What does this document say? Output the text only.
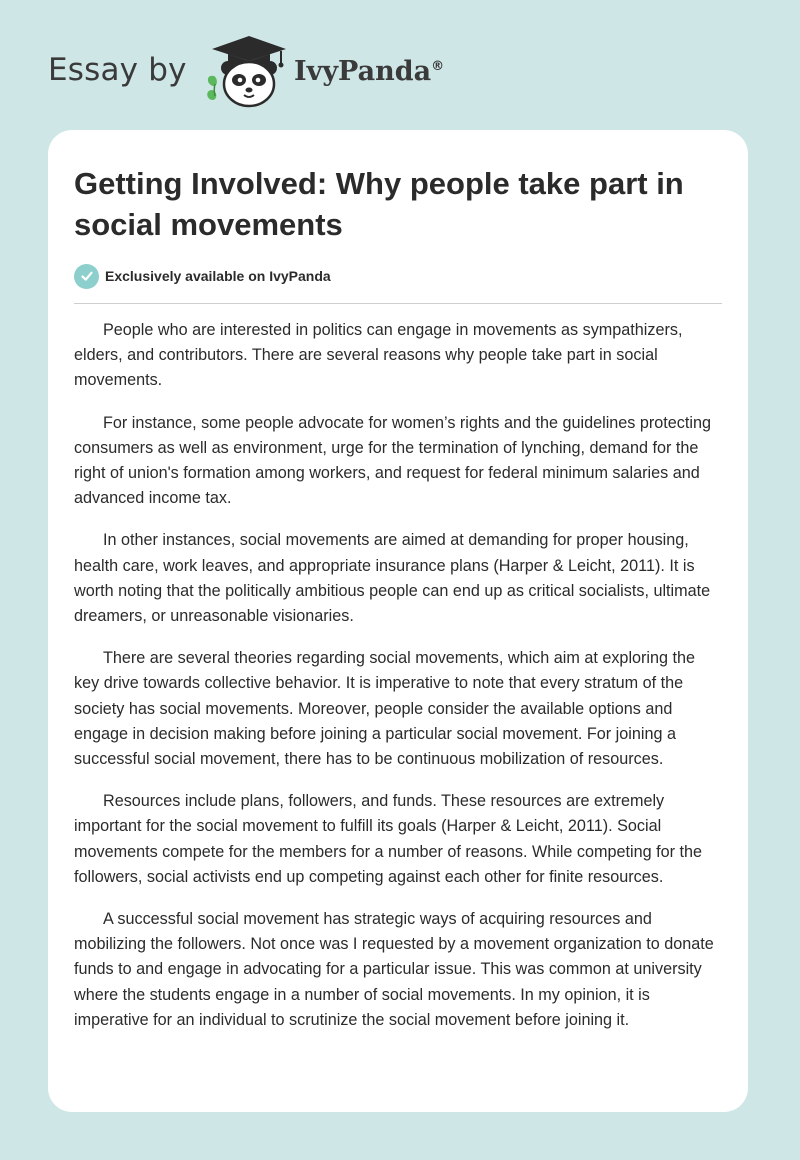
Essay by	IvyPanda®
Getting Involved: Why people take part in social movements
Exclusively available on IvyPanda

People who are interested in politics can engage in movements as sympathizers, elders, and contributors. There are several reasons why people take part in social movements.

For instance, some people advocate for women’s rights and the guidelines protecting consumers as well as environment, urge for the termination of lynching, demand for the right of union's formation among workers, and request for federal minimum salaries and advanced income tax.

In other instances, social movements are aimed at demanding for proper housing, health care, work leaves, and appropriate insurance plans (Harper & Leicht, 2011). It is worth noting that the politically ambitious people can end up as critical socialists, ultimate dreamers, or unreasonable visionaries.

There are several theories regarding social movements, which aim at exploring the key drive towards collective behavior. It is imperative to note that every stratum of the society has social movements. Moreover, people consider the available options and engage in decision making before joining a particular social movement. For joining a successful social movement, there has to be continuous mobilization of resources.

Resources include plans, followers, and funds. These resources are extremely important for the social movement to fulfill its goals (Harper & Leicht, 2011). Social movements compete for the members for a number of reasons. While competing for the followers, social activists end up competing against each other for finite resources.

A successful social movement has strategic ways of acquiring resources and mobilizing the followers. Not once was I requested by a movement organization to donate funds to and engage in advocating for a particular issue. This was common at university where the students engage in a number of social movements. In my opinion, it is imperative for an individual to scrutinize the social movement before joining it.
